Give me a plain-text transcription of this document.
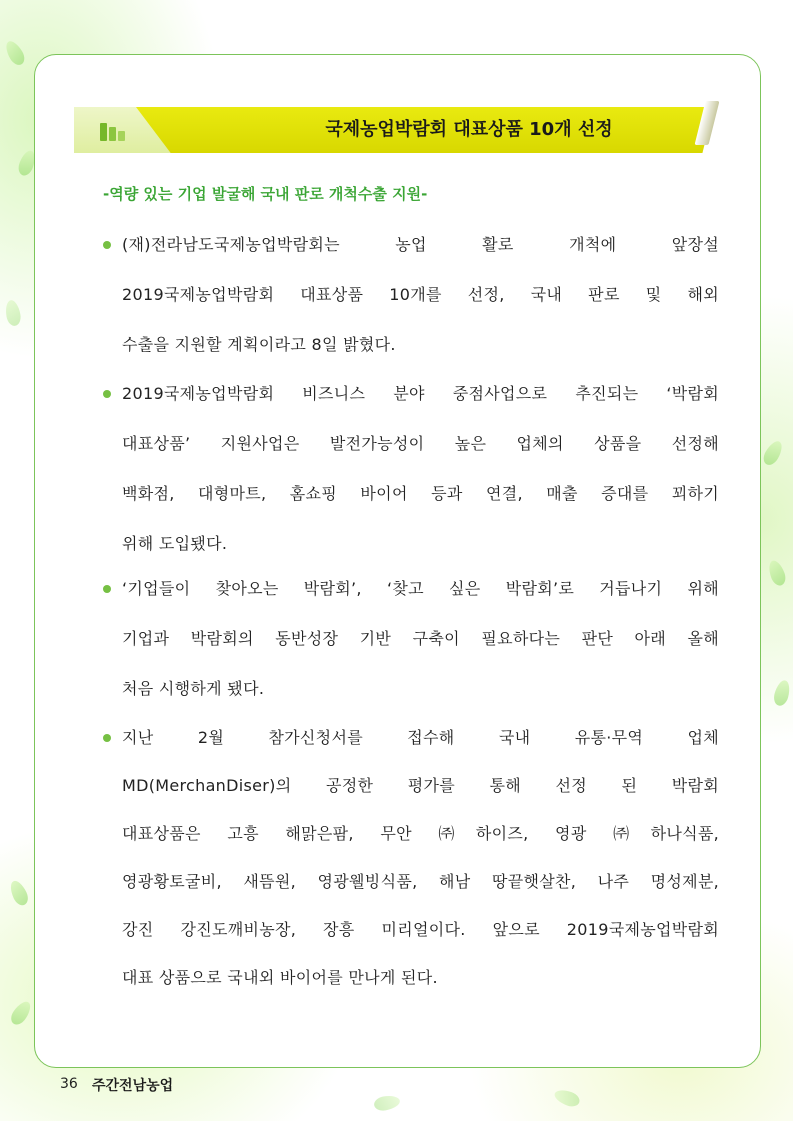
국제농업박람회 대표상품 10개 선정
-역량 있는 기업 발굴해 국내 판로 개척수출 지원-
(재)전라남도국제농업박람회는 농업 활로 개척에 앞장설
2019국제농업박람회 대표상품 10개를 선정, 국내 판로 및 해외
수출을 지원할 계획이라고 8일 밝혔다.
2019국제농업박람회 비즈니스 분야 중점사업으로 추진되는 ‘박람회
대표상품’ 지원사업은 발전가능성이 높은 업체의 상품을 선정해
백화점, 대형마트, 홈쇼핑 바이어 등과 연결, 매출 증대를 꾀하기
위해 도입됐다.
‘기업들이 찾아오는 박람회’, ‘찾고 싶은 박람회’로 거듭나기 위해
기업과 박람회의 동반성장 기반 구축이 필요하다는 판단 아래 올해
처음 시행하게 됐다.
지난 2월 참가신청서를 접수해 국내 유통·무역 업체
MD(MerchanDiser)의 공정한 평가를 통해 선정 된 박람회
대표상품은 고흥 해맑은팜, 무안 ㈜하이즈, 영광 ㈜하나식품,
영광황토굴비, 새뜸원, 영광웰빙식품, 해남 땅끝햇살찬, 나주 명성제분,
강진 강진도깨비농장, 장흥 미리얼이다. 앞으로 2019국제농업박람회
대표 상품으로 국내외 바이어를 만나게 된다.
36 주간전남농업
